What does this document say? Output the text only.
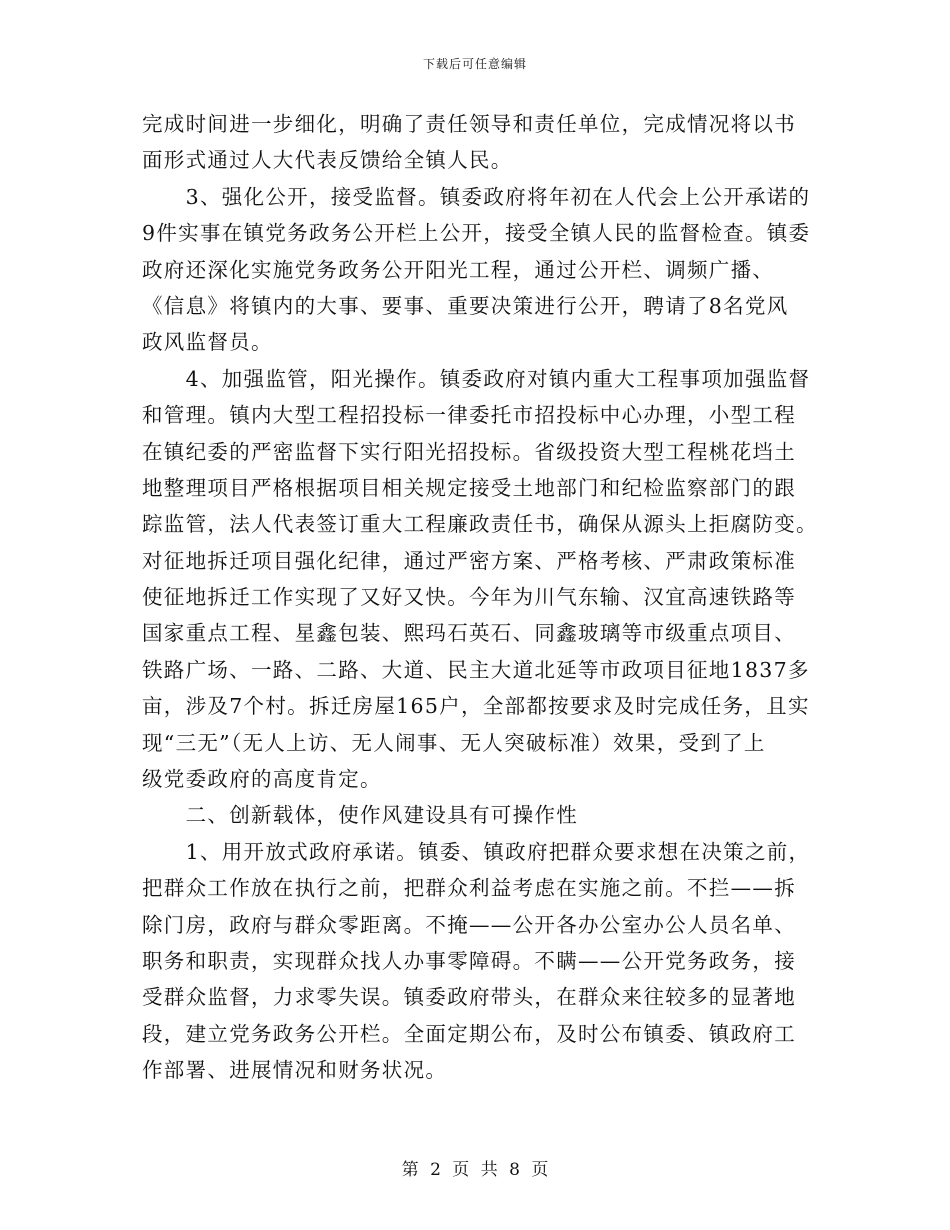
下载后可任意编辑
完成时间进一步细化，明确了责任领导和责任单位，完成情况将以书
面形式通过人大代表反馈给全镇人民。
　　3、强化公开，接受监督。镇委政府将年初在人代会上公开承诺的
9件实事在镇党务政务公开栏上公开，接受全镇人民的监督检查。镇委
政府还深化实施党务政务公开阳光工程，通过公开栏、调频广播、
《信息》将镇内的大事、要事、重要决策进行公开，聘请了8名党风
政风监督员。
　　4、加强监管，阳光操作。镇委政府对镇内重大工程事项加强监督
和管理。镇内大型工程招投标一律委托市招投标中心办理，小型工程
在镇纪委的严密监督下实行阳光招投标。省级投资大型工程桃花垱土
地整理项目严格根据项目相关规定接受土地部门和纪检监察部门的跟
踪监管，法人代表签订重大工程廉政责任书，确保从源头上拒腐防变。
对征地拆迁项目强化纪律，通过严密方案、严格考核、严肃政策标准
使征地拆迁工作实现了又好又快。今年为川气东输、汉宜高速铁路等
国家重点工程、星鑫包装、熙玛石英石、同鑫玻璃等市级重点项目、
铁路广场、一路、二路、大道、民主大道北延等市政项目征地1837多
亩，涉及7个村。拆迁房屋165户，全部都按要求及时完成任务，且实
现“三无”（无人上访、无人闹事、无人突破标准）效果，受到了上
级党委政府的高度肯定。
　　二、创新载体，使作风建设具有可操作性
　　1、用开放式政府承诺。镇委、镇政府把群众要求想在决策之前，
把群众工作放在执行之前，把群众利益考虑在实施之前。不拦——拆
除门房，政府与群众零距离。不掩——公开各办公室办公人员名单、
职务和职责，实现群众找人办事零障碍。不瞒——公开党务政务，接
受群众监督，力求零失误。镇委政府带头，在群众来往较多的显著地
段，建立党务政务公开栏。全面定期公布，及时公布镇委、镇政府工
作部署、进展情况和财务状况。
第 2 页 共 8 页
